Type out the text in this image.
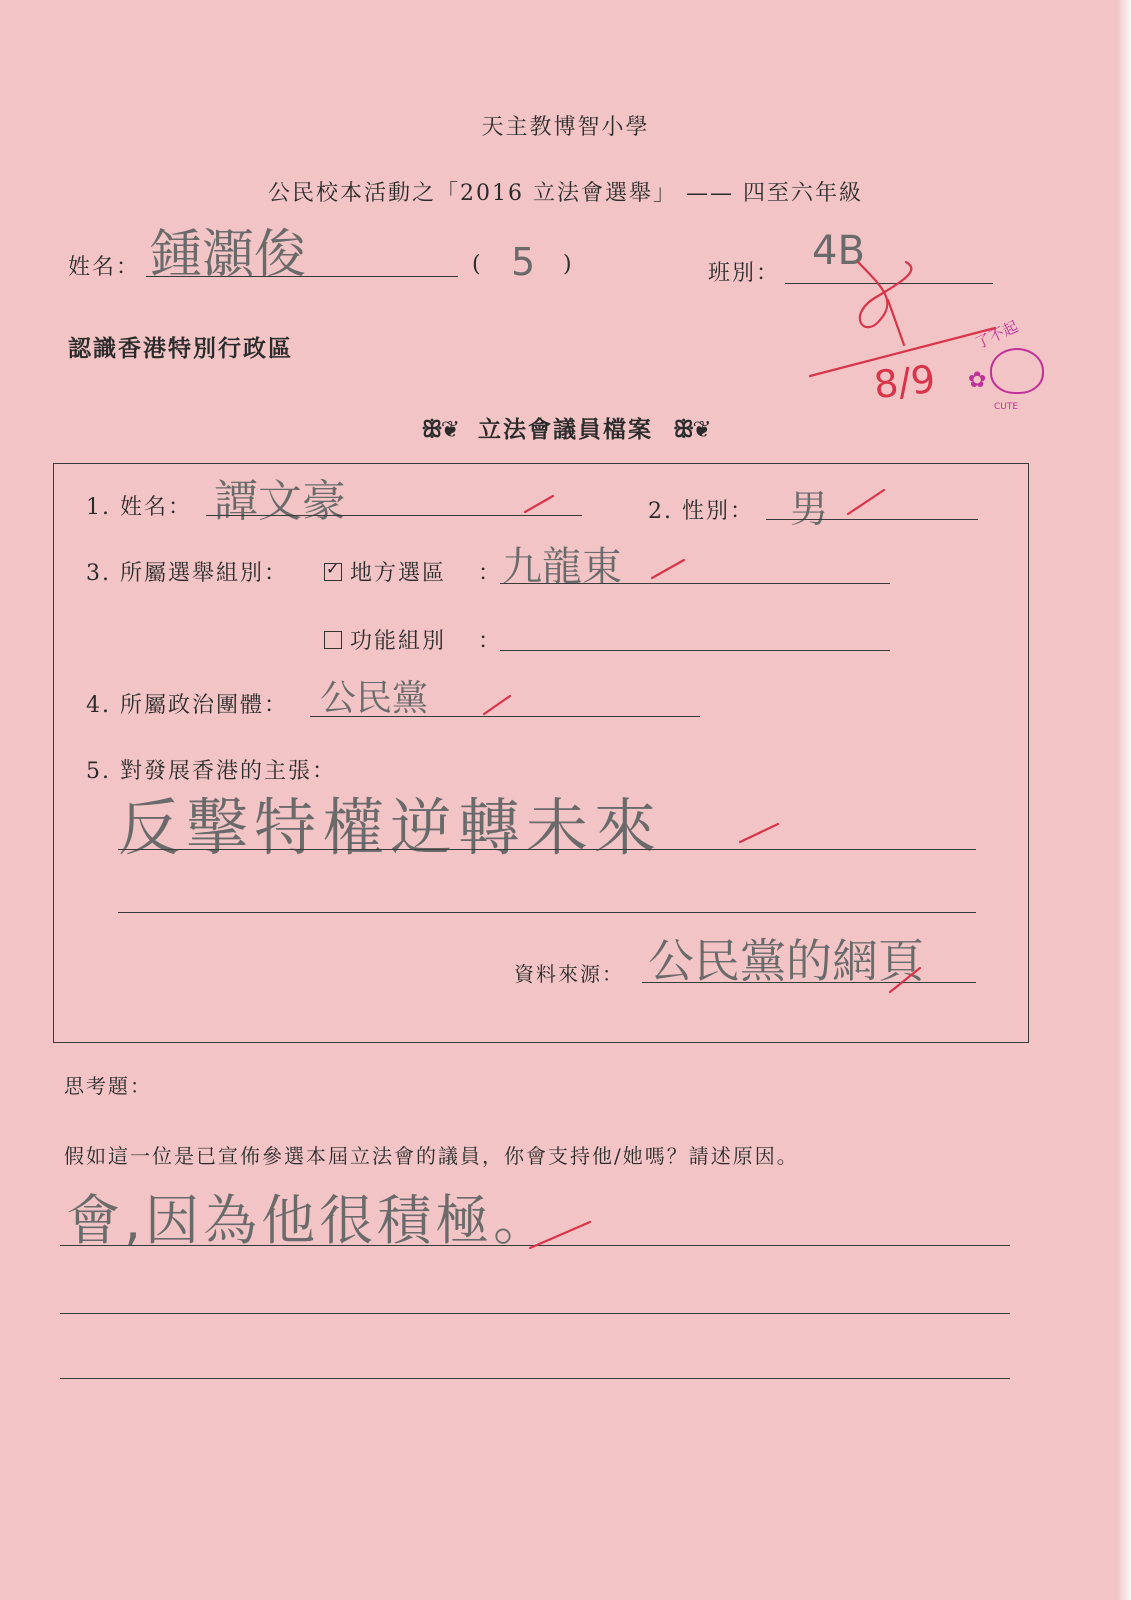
天主教博智小學
公民校本活動之「2016 立法會選舉」 —— 四至六年級
姓名： 鍾灝俊	( 5 )	班別： 4B
認識香港特別行政區
ꕥ❦ 立法會議員檔案 ꕥ❦
1. 姓名： 譚文豪	2. 性別： 男
3. 所屬選舉組別：
✓	地方選區 ： 九龍東
功能組別 ：
4. 所屬政治團體： 公民黨
5. 對發展香港的主張：
反擊特權逆轉未來
資料來源： 公民黨的網頁
思考題：
假如這一位是已宣佈參選本屆立法會的議員，你會支持他/她嗎？請述原因。
會,因為他很積極。
8/9
了不起
✿
CUTE
